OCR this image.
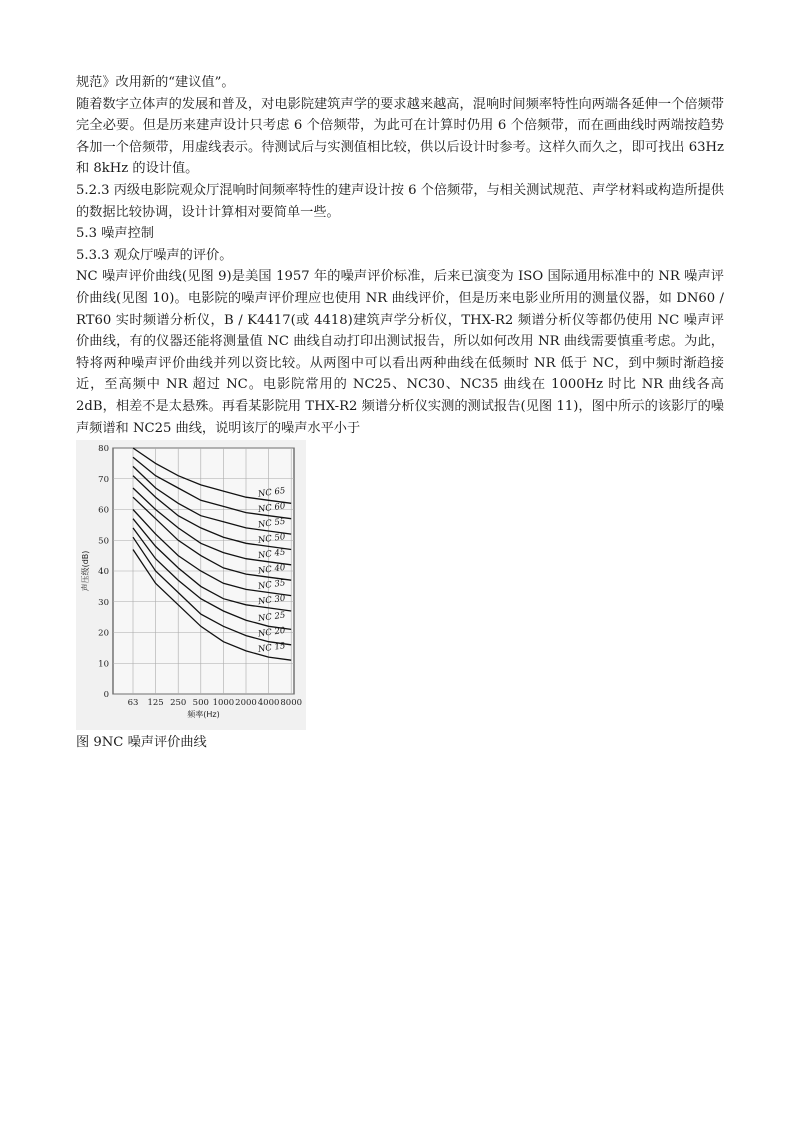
规范》改用新的“建议值”。

随着数字立体声的发展和普及，对电影院建筑声学的要求越来越高，混响时间频率特性向两端各延伸一个倍频带完全必要。但是历来建声设计只考虑 6 个倍频带，为此可在计算时仍用 6 个倍频带，而在画曲线时两端按趋势各加一个倍频带，用虚线表示。待测试后与实测值相比较，供以后设计时参考。这样久而久之，即可找出 63Hz 和 8kHz 的设计值。

5.2.3 丙级电影院观众厅混响时间频率特性的建声设计按 6 个倍频带，与相关测试规范、声学材料或构造所提供的数据比较协调，设计计算相对要简单一些。

5.3 噪声控制

5.3.3 观众厅噪声的评价。

NC 噪声评价曲线(见图 9)是美国 1957 年的噪声评价标准，后来已演变为 ISO 国际通用标准中的 NR 噪声评价曲线(见图 10)。电影院的噪声评价理应也使用 NR 曲线评价，但是历来电影业所用的测量仪器，如 DN60 / RT60 实时频谱分析仪，B / K4417(或 4418)建筑声学分析仪，THX-R2 频谱分析仪等都仍使用 NC 噪声评价曲线，有的仪器还能将测量值 NC 曲线自动打印出测试报告，所以如何改用 NR 曲线需要慎重考虑。为此，特将两种噪声评价曲线并列以资比较。从两图中可以看出两种曲线在低频时 NR 低于 NC，到中频时渐趋接近，至高频中 NR 超过 NC。电影院常用的 NC25、NC30、NC35 曲线在 1000Hz 时比 NR 曲线各高 2dB，相差不是太悬殊。再看某影院用 THX-R2 频谱分析仪实测的测试报告(见图 11)，图中所示的该影厅的噪声频谱和 NC25 曲线，说明该厅的噪声水平小于

0
10
20
30
40
50
60
70
80
63 125 250 500 1000 2000 4000 8000
频率(Hz)
声压级(dB)
NC 65
NC 60
NC 55
NC 50
NC 45
NC 40
NC 35
NC 30
NC 25
NC 20
NC 15

图 9NC 噪声评价曲线
